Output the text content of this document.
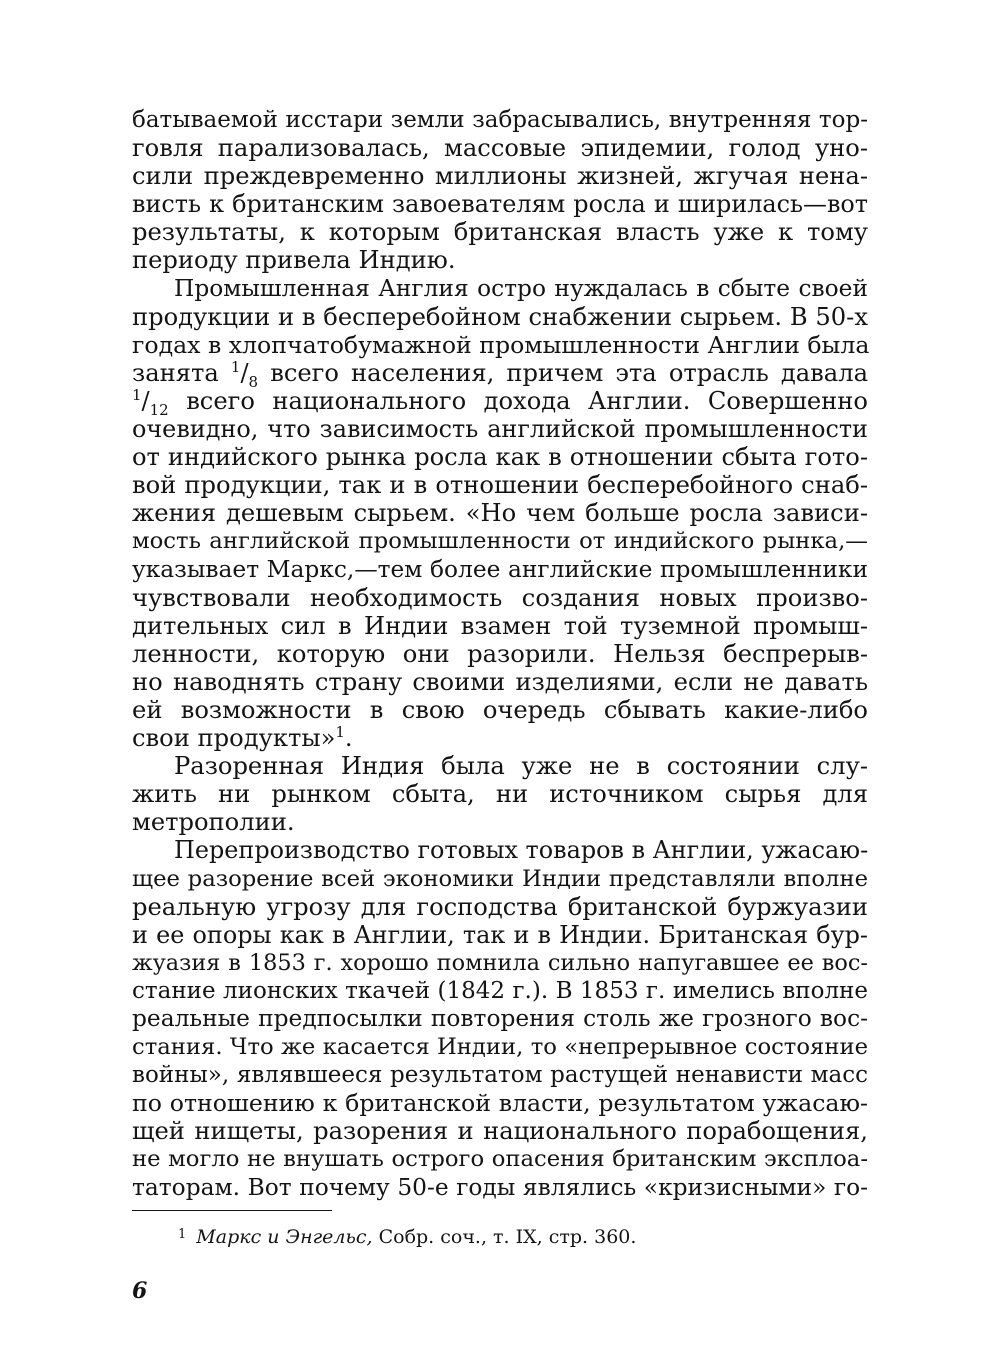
батываемой исстари земли забрасывались, внутренняя тор-
говля парализовалась, массовые эпидемии, голод уно-
сили преждевременно миллионы жизней, жгучая нена-
висть к британским завоевателям росла и ширилась—вот
результаты, к которым британская власть уже к тому
периоду привела Индию.
Промышленная Англия остро нуждалась в сбыте своей
продукции и в бесперебойном снабжении сырьем. В 50-х
годах в хлопчатобумажной промышленности Англии была
занята $^1/_8$ всего населения, причем эта отрасль давала
$^1/_{12}$ всего национального дохода Англии. Совершенно
очевидно, что зависимость английской промышленности
от индийского рынка росла как в отношении сбыта гото-
вой продукции, так и в отношении бесперебойного снаб-
жения дешевым сырьем. «Но чем больше росла зависи-
мость английской промышленности от индийского рынка,—
указывает Маркс,—тем более английские промышленники
чувствовали необходимость создания новых произво-
дительных сил в Индии взамен той туземной промыш-
ленности, которую они разорили. Нельзя беспрерыв-
но наводнять страну своими изделиями, если не давать
ей возможности в свою очередь сбывать какие-либо
свои продукты»$^1$.
Разоренная Индия была уже не в состоянии слу-
жить ни рынком сбыта, ни источником сырья для
метрополии.
Перепроизводство готовых товаров в Англии, ужасаю-
щее разорение всей экономики Индии представляли вполне
реальную угрозу для господства британской буржуазии
и ее опоры как в Англии, так и в Индии. Британская бур-
жуазия в 1853 г. хорошо помнила сильно напугавшее ее вос-
стание лионских ткачей (1842 г.). В 1853 г. имелись вполне
реальные предпосылки повторения столь же грозного вос-
стания. Что же касается Индии, то «непрерывное состояние
войны», являвшееся результатом растущей ненависти масс
по отношению к британской власти, результатом ужасаю-
щей нищеты, разорения и национального порабощения,
не могло не внушать острого опасения британским эксплоа-
таторам. Вот почему 50-е годы являлись «кризисными» го-
$^1$ Маркс и Энгельс, Собр. соч., т. IX, стр. 360.
6
